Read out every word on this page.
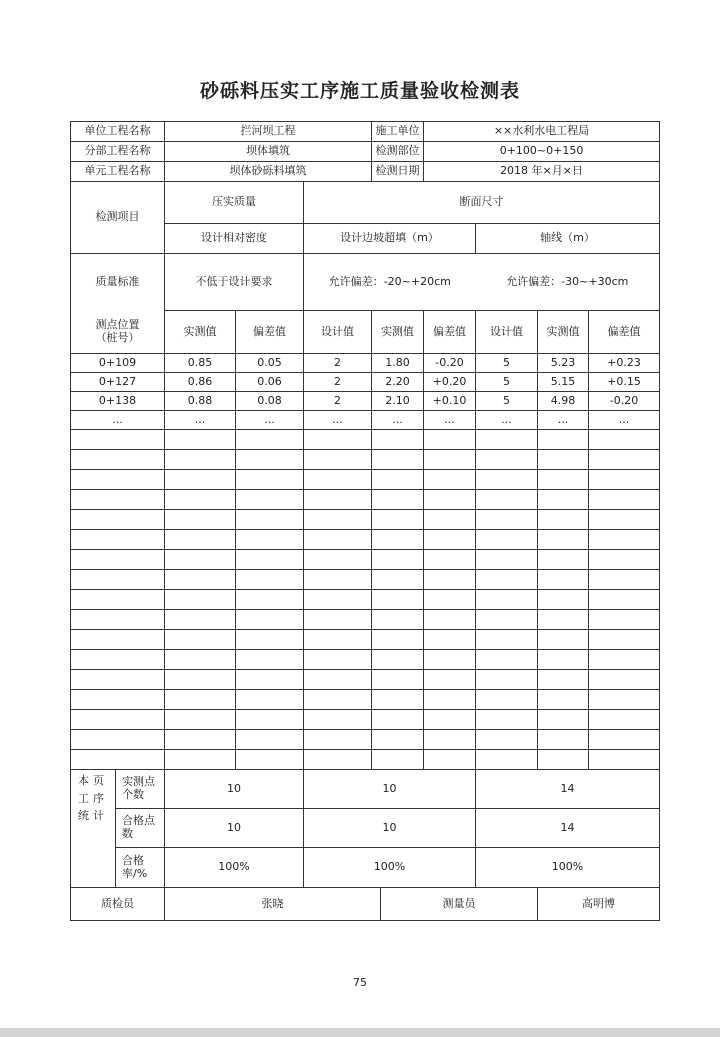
砂砾料压实工序施工质量验收检测表
单位工程名称		拦河坝工程			施工单位		××水利水电工程局			
分部工程名称		坝体填筑			检测部位		0+100~0+150			
单元工程名称		坝体砂砾料填筑			检测日期		2018 年×月×日			
检测项目		压实质量		断面尺寸						
		设计相对密度		设计边坡超填（m）				轴线（m）		
质量标准		不低于设计要求		允许偏差：-20~+20cm				允许偏差：-30~+30cm		
测点位置
（桩号）		实测值	偏差值	设计值	实测值		偏差值	设计值	实测值	偏差值
0+109		0.85	0.05	2	1.80		-0.20	5	5.23	+0.23
0+127		0.86	0.06	2	2.20		+0.20	5	5.15	+0.15
0+138		0.88	0.08	2	2.10		+0.10	5	4.98	-0.20
...		...	...	...	...		...	...	...	...

本页工序统计	实测点个数	10		10				14		
	合格点数	10		10				14		
	合格率/%	100%		100%				100%		
质检员		张晓				测量员			高明博	
75
